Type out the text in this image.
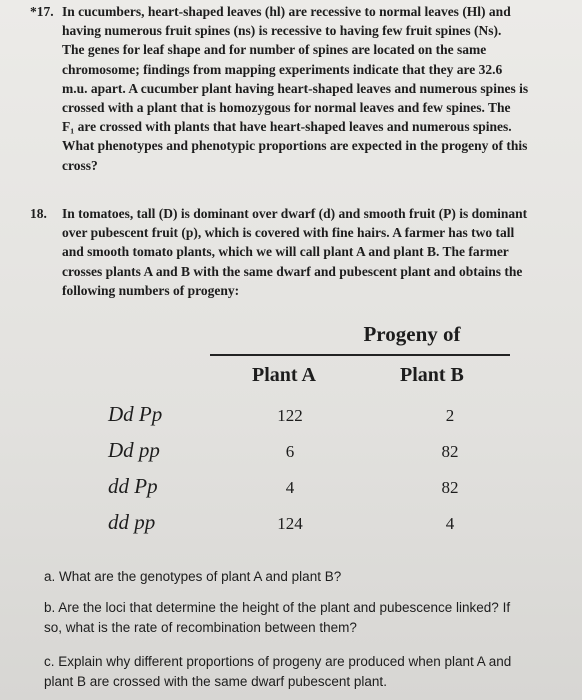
*17. In cucumbers, heart-shaped leaves (hl) are recessive to normal leaves (Hl) and

having numerous fruit spines (ns) is recessive to having few fruit spines (Ns).

The genes for leaf shape and for number of spines are located on the same

chromosome; findings from mapping experiments indicate that they are 32.6

m.u. apart. A cucumber plant having heart-shaped leaves and numerous spines is

crossed with a plant that is homozygous for normal leaves and few spines. The

F₁ are crossed with plants that have heart-shaped leaves and numerous spines.

What phenotypes and phenotypic proportions are expected in the progeny of this

cross?

18. In tomatoes, tall (D) is dominant over dwarf (d) and smooth fruit (P) is dominant

over pubescent fruit (p), which is covered with fine hairs. A farmer has two tall

and smooth tomato plants, which we will call plant A and plant B. The farmer

crosses plants A and B with the same dwarf and pubescent plant and obtains the

following numbers of progeny:

Progeny of
Plant A	Plant B
Dd Pp	122	2
Dd pp	6	82
dd Pp	4	82
dd pp	124	4

a. What are the genotypes of plant A and plant B?

b. Are the loci that determine the height of the plant and pubescence linked? If

so, what is the rate of recombination between them?

c. Explain why different proportions of progeny are produced when plant A and

plant B are crossed with the same dwarf pubescent plant.
